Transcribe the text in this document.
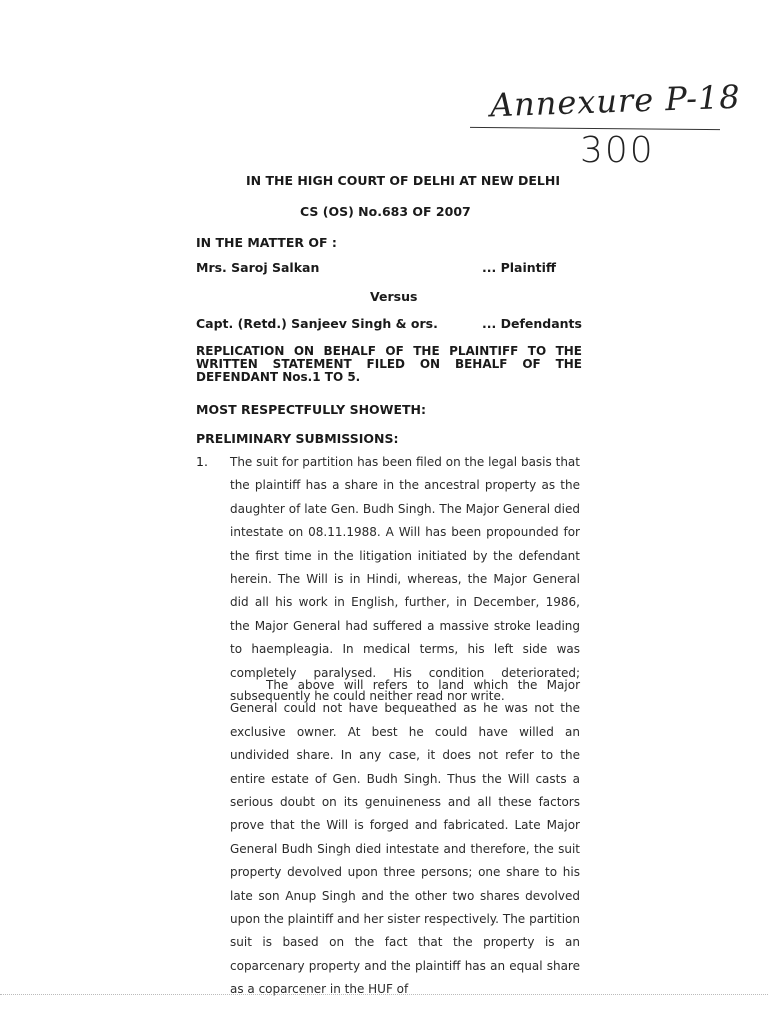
Annexure P-18
300
IN THE HIGH COURT OF DELHI AT NEW DELHI
CS (OS) No.683 OF 2007
IN THE MATTER OF :
Mrs. Saroj Salkan	... Plaintiff
Versus
Capt. (Retd.) Sanjeev Singh & ors.	... Defendants
REPLICATION ON BEHALF OF THE PLAINTIFF TO THE WRITTEN STATEMENT FILED ON BEHALF OF THE DEFENDANT Nos.1 TO 5.
MOST RESPECTFULLY SHOWETH:
PRELIMINARY SUBMISSIONS:
1. The suit for partition has been filed on the legal basis that the plaintiff has a share in the ancestral property as the daughter of late Gen. Budh Singh. The Major General died intestate on 08.11.1988. A Will has been propounded for the first time in the litigation initiated by the defendant herein. The Will is in Hindi, whereas, the Major General did all his work in English, further, in December, 1986, the Major General had suffered a massive stroke leading to haempleagia. In medical terms, his left side was completely paralysed. His condition deteriorated; subsequently he could neither read nor write.
The above will refers to land which the Major General could not have bequeathed as he was not the exclusive owner. At best he could have willed an undivided share. In any case, it does not refer to the entire estate of Gen. Budh Singh. Thus the Will casts a serious doubt on its genuineness and all these factors prove that the Will is forged and fabricated. Late Major General Budh Singh died intestate and therefore, the suit property devolved upon three persons; one share to his late son Anup Singh and the other two shares devolved upon the plaintiff and her sister respectively. The partition suit is based on the fact that the property is an coparcenary property and the plaintiff has an equal share as a coparcener in the HUF of
